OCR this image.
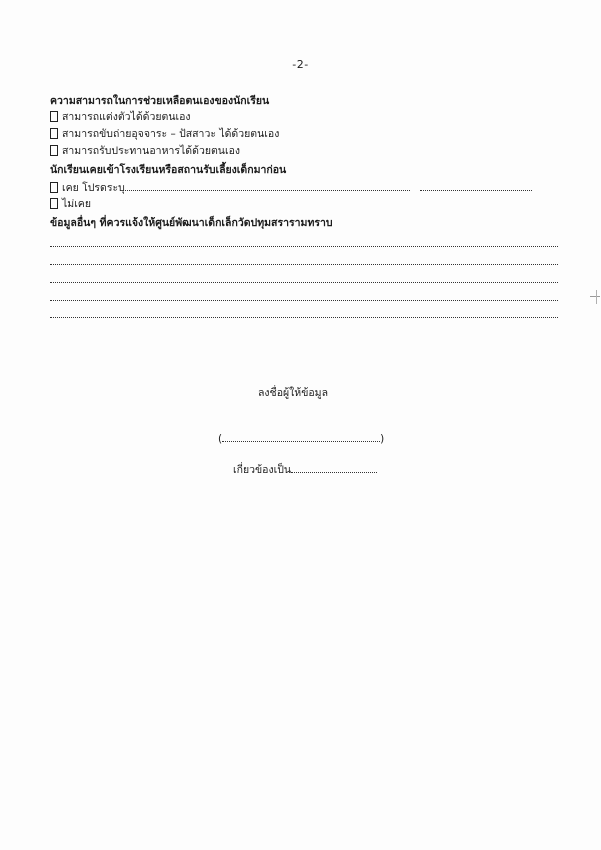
-2-
ความสามารถในการช่วยเหลือตนเองของนักเรียน
สามารถแต่งตัวได้ด้วยตนเอง
สามารถขับถ่ายอุจจาระ – ปัสสาวะ ได้ด้วยตนเอง
สามารถรับประทานอาหารได้ด้วยตนเอง
นักเรียนเคยเข้าโรงเรียนหรือสถานรับเลี้ยงเด็กมาก่อน
เคย โปรดระบุ
ไม่เคย
ข้อมูลอื่นๆ ที่ควรแจ้งให้ศูนย์พัฒนาเด็กเล็กวัดปทุมสรารามทราบ
ลงชื่อผู้ให้ข้อมูล
(	)
เกี่ยวข้องเป็น
